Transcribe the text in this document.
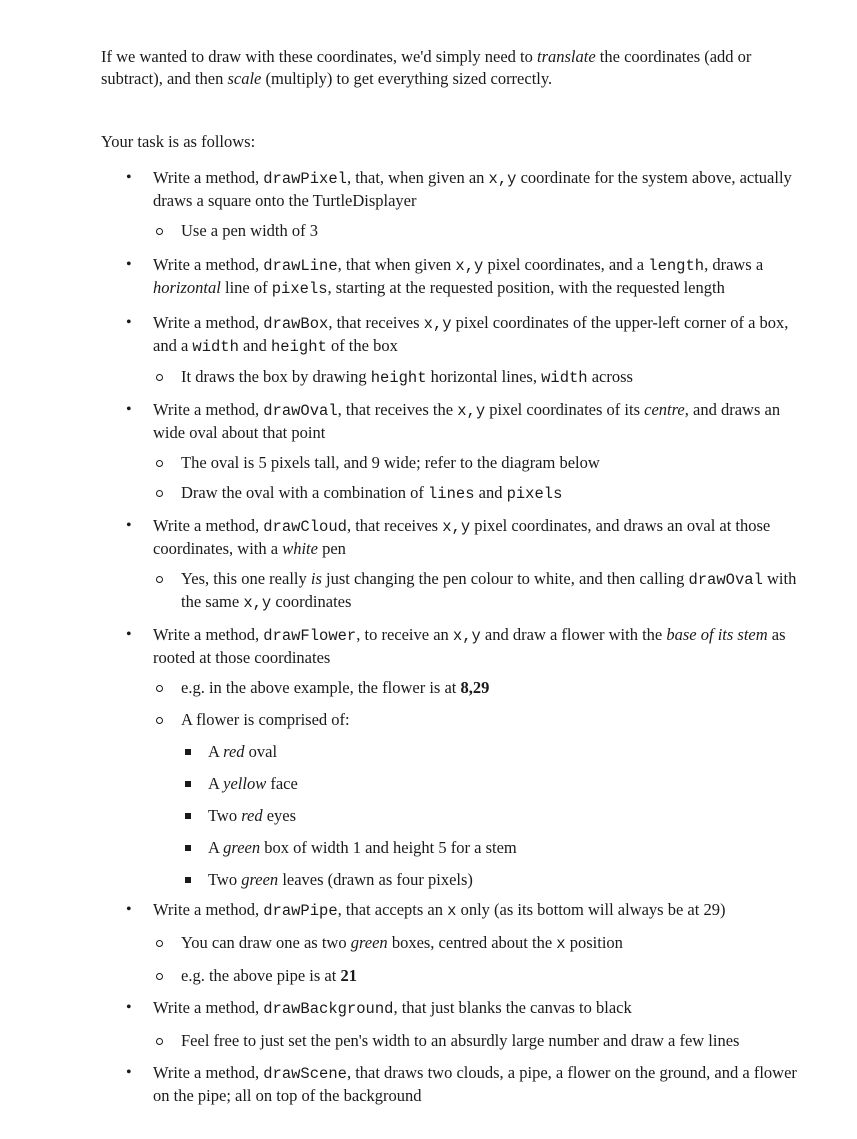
If we wanted to draw with these coordinates, we'd simply need to translate the coordinates (add or subtract), and then scale (multiply) to get everything sized correctly.

Your task is as follows:
• Write a method, drawPixel, that, when given an x,y coordinate for the system above, actually draws a square onto the TurtleDisplayer
Use a pen width of 3
• Write a method, drawLine, that when given x,y pixel coordinates, and a length, draws a horizontal line of pixels, starting at the requested position, with the requested length
• Write a method, drawBox, that receives x,y pixel coordinates of the upper-left corner of a box, and a width and height of the box
It draws the box by drawing height horizontal lines, width across
• Write a method, drawOval, that receives the x,y pixel coordinates of its centre, and draws an wide oval about that point
The oval is 5 pixels tall, and 9 wide; refer to the diagram below
Draw the oval with a combination of lines and pixels
• Write a method, drawCloud, that receives x,y pixel coordinates, and draws an oval at those coordinates, with a white pen
Yes, this one really is just changing the pen colour to white, and then calling drawOval with the same x,y coordinates
• Write a method, drawFlower, to receive an x,y and draw a flower with the base of its stem as rooted at those coordinates
e.g. in the above example, the flower is at 8,29
A flower is comprised of:
A red oval
A yellow face
Two red eyes
A green box of width 1 and height 5 for a stem
Two green leaves (drawn as four pixels)
• Write a method, drawPipe, that accepts an x only (as its bottom will always be at 29)
You can draw one as two green boxes, centred about the x position
e.g. the above pipe is at 21
• Write a method, drawBackground, that just blanks the canvas to black
Feel free to just set the pen's width to an absurdly large number and draw a few lines
• Write a method, drawScene, that draws two clouds, a pipe, a flower on the ground, and a flower on the pipe; all on top of the background
